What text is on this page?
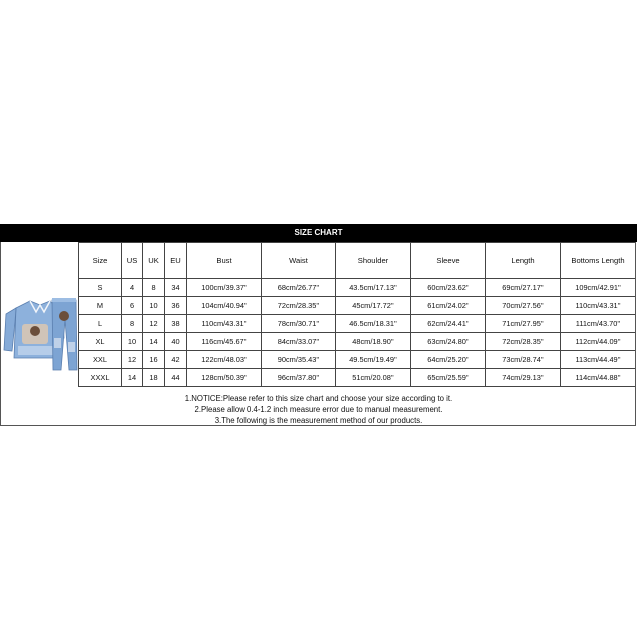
SIZE CHART
Size	US	UK	EU	Bust	Waist	Shoulder	Sleeve	Length	Bottoms Length
S	4	8	34	100cm/39.37''	68cm/26.77''	43.5cm/17.13''	60cm/23.62''	69cm/27.17''	109cm/42.91''
M	6	10	36	104cm/40.94''	72cm/28.35''	45cm/17.72''	61cm/24.02''	70cm/27.56''	110cm/43.31''
L	8	12	38	110cm/43.31''	78cm/30.71''	46.5cm/18.31''	62cm/24.41''	71cm/27.95''	111cm/43.70''
XL	10	14	40	116cm/45.67''	84cm/33.07''	48cm/18.90''	63cm/24.80''	72cm/28.35''	112cm/44.09''
XXL	12	16	42	122cm/48.03''	90cm/35.43''	49.5cm/19.49''	64cm/25.20''	73cm/28.74''	113cm/44.49''
XXXL	14	18	44	128cm/50.39''	96cm/37.80''	51cm/20.08''	65cm/25.59''	74cm/29.13''	114cm/44.88''
1.NOTICE:Please refer to this size chart and choose your size according to it.
2.Please allow 0.4-1.2 inch measure error due to manual measurement.
3.The following is the measurement method of our products.
